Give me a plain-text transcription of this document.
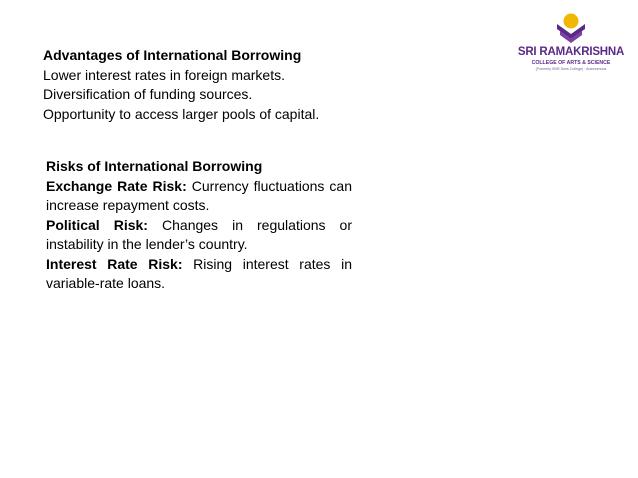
SRI RAMAKRISHNA
COLLEGE OF ARTS & SCIENCE
(Formerly SNR Sons College) · Autonomous
Advantages of International Borrowing
Lower interest rates in foreign markets.
Diversification of funding sources.
Opportunity to access larger pools of capital.
Risks of International Borrowing

Exchange Rate Risk: Currency fluctuations can increase repayment costs.

Political Risk: Changes in regulations or instability in the lender’s country.

Interest Rate Risk: Rising interest rates in variable-rate loans.
